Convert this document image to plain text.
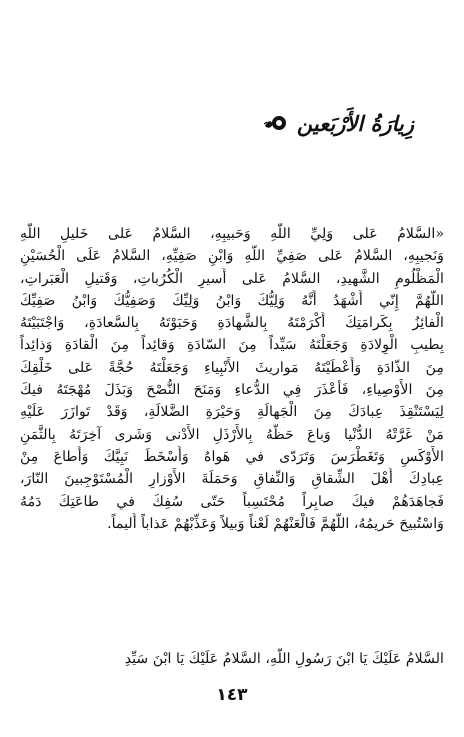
زِيارَةُ الأَرْبَعين
«السَّلامُ عَلى وَلِيِّ اللّهِ وَحَبيبِهِ، السَّلامُ عَلى خَليلِ اللّهِ
وَنَجيبِهِ، السَّلامُ عَلى صَفِيِّ اللّهِ وَابْنِ صَفِيِّهِ، السَّلامُ عَلَى الْحُسَيْنِ
الْمَظْلُومِ الشَّهيدِ، السَّلامُ عَلى أَسيرِ الْكُرُباتِ، وَقَتيلِ الْعَبَراتِ،
اللّهُمَّ إِنّي أَشْهَدُ أَنَّهُ وَلِيُّكَ وَابْنُ وَلِيِّكَ وَصَفِيُّكَ وَابْنُ صَفِيِّكَ
الْفائِزُ بِكَرامَتِكَ أَكْرَمْتَهُ بِالشَّهادَةِ وَحَبَوْتَهُ بِالسَّعادَةِ، وَاجْتَبَيْتَهُ
بِطيبِ الْوِلادَةِ وَجَعَلْتَهُ سَيِّداً مِنَ السّادَةِ وَقائِداً مِنَ الْقادَةِ وَذائِداً
مِنَ الذّادَةِ وَأَعْطَيْتَهُ مَواريثَ الأَنْبِياءِ وَجَعَلْتَهُ حُجَّةً عَلى خَلْقِكَ
مِنَ الأَوْصِياءِ، فَأَعْذَرَ فِي الدُّعاءِ وَمَنَحَ النُّصْحَ وَبَذَلَ مُهْجَتَهُ فيكَ
لِيَسْتَنْقِذَ عِبادَكَ مِنَ الْجَهالَةِ وَحَيْرَةِ الضَّلالَةِ، وَقَدْ تَوازَرَ عَلَيْهِ
مَنْ غَرَّتْهُ الدُّنْيا وَباعَ حَظَّهُ بِالأَرْذَلِ الأَدْنى وَشَرى آخِرَتَهُ بِالثَّمَنِ
الأَوْكَسِ وَتَغَطْرَسَ وَتَرَدّى في هَواهُ وَأَسْخَطَ نَبِيَّكَ وَأَطاعَ مِنْ
عِبادِكَ أَهْلَ الشِّقاقِ وَالنِّفاقِ وَحَمَلَةَ الأَوْزارِ الْمُسْتَوْجِبينَ النّارَ،
فَجاهَدَهُمْ فيكَ صابِراً مُحْتَسِباً حَتّى سُفِكَ في طاعَتِكَ دَمُهُ
وَاسْتُبيحَ حَريمُهُ، اللّهُمَّ فَالْعَنْهُمْ لَعْناً وَبيلاً وَعَذِّبْهُمْ عَذاباً أَليماً.
السَّلامُ عَلَيْكَ يَا ابْنَ رَسُولِ اللّهِ، السَّلامُ عَلَيْكَ يَا ابْنَ سَيِّدِ
١٤٣
